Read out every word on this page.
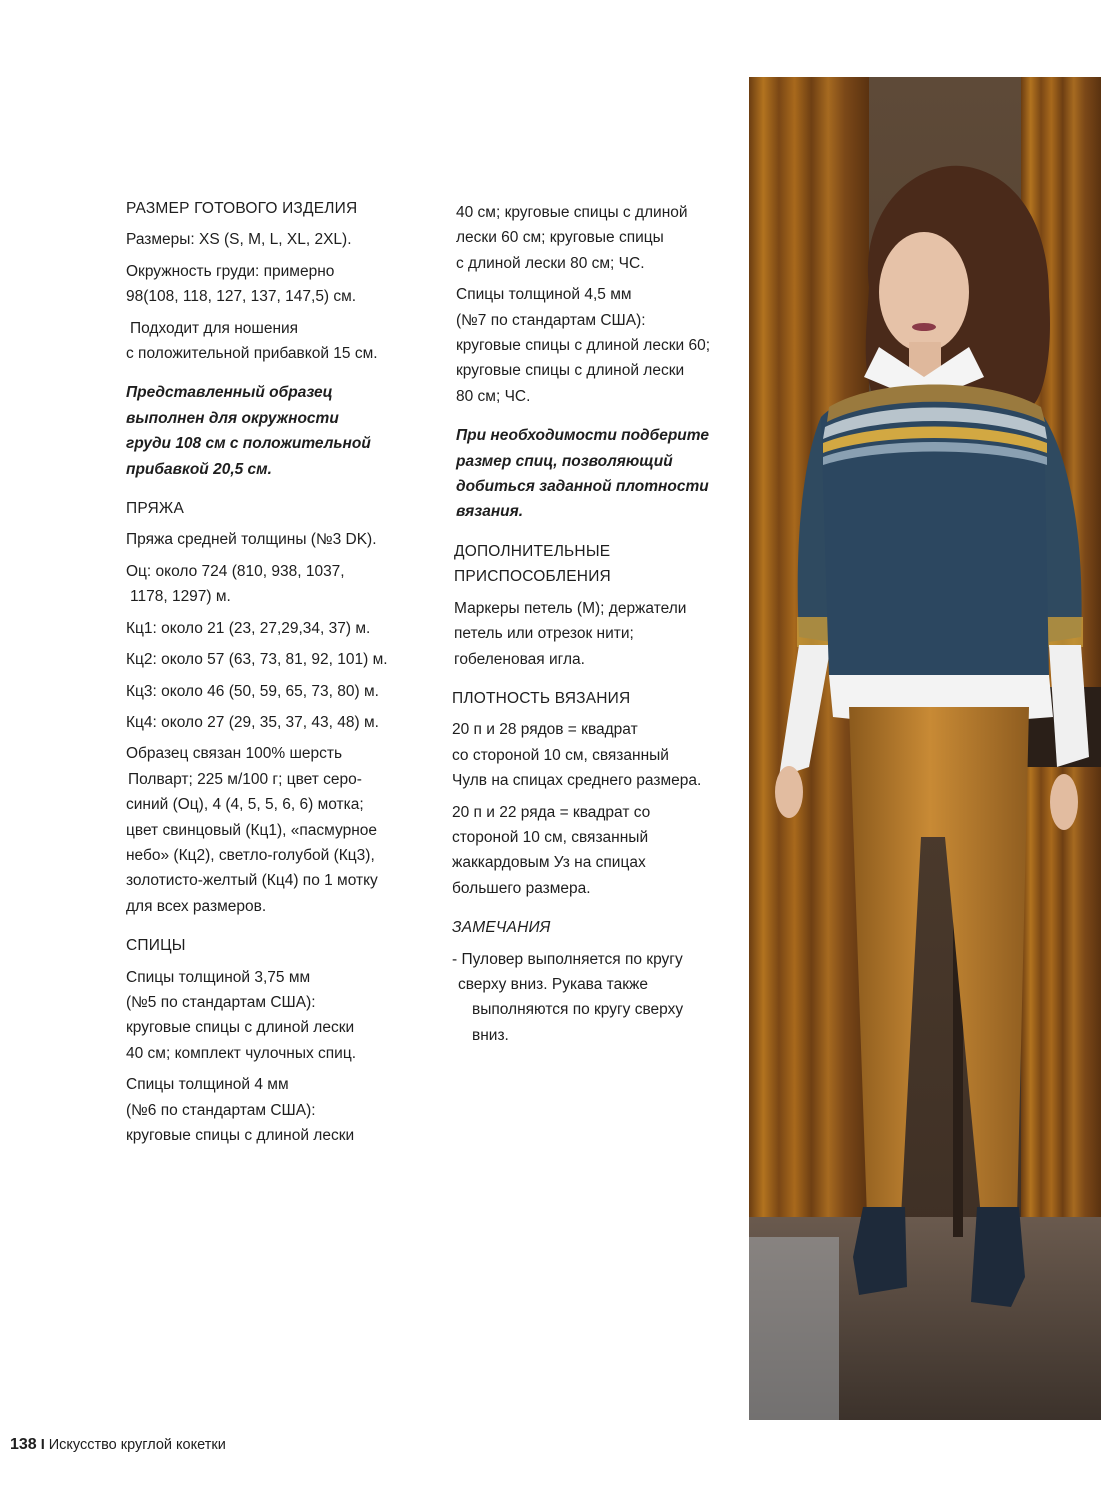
РАЗМЕР ГОТОВОГО ИЗДЕЛИЯ

Размеры: XS (S, M, L, XL, 2XL).

Окружность груди: примерно
98(108, 118, 127, 137, 147,5) см.

Подходит для ношения
с положительной прибавкой 15 см.

Представленный образец
выполнен для окружности
груди 108 см с положительной
прибавкой 20,5 см.

ПРЯЖА

Пряжа средней толщины (№3 DK).

Оц: около 724 (810, 938, 1037,
1178, 1297) м.

Кц1: около 21 (23, 27,29,34, 37) м.

Кц2: около 57 (63, 73, 81, 92, 101) м.

Кц3: около 46 (50, 59, 65, 73, 80) м.

Кц4: около 27 (29, 35, 37, 43, 48) м.

Образец связан 100% шерсть
Полварт; 225 м/100 г; цвет серо-
синий (Оц), 4 (4, 5, 5, 6, 6) мотка;
цвет свинцовый (Кц1), «пасмурное
небо» (Кц2), светло-голубой (Кц3),
золотисто-желтый (Кц4) по 1 мотку
для всех размеров.

СПИЦЫ

Спицы толщиной 3,75 мм
(№5 по стандартам США):
круговые спицы с длиной лески
40 см; комплект чулочных спиц.

Спицы толщиной 4 мм
(№6 по стандартам США):
круговые спицы с длиной лески

40 см; круговые спицы с длиной
лески 60 см; круговые спицы
с длиной лески 80 см; ЧС.

Спицы толщиной 4,5 мм
(№7 по стандартам США):
круговые спицы с длиной лески 60;
круговые спицы с длиной лески
80 см; ЧС.

При необходимости подберите
размер спиц, позволяющий
добиться заданной плотности
вязания.

ДОПОЛНИТЕЛЬНЫЕ
ПРИСПОСОБЛЕНИЯ

Маркеры петель (М); держатели
петель или отрезок нити;
гобеленовая игла.

ПЛОТНОСТЬ ВЯЗАНИЯ

20 п и 28 рядов = квадрат
со стороной 10 см, связанный
Чулв на спицах среднего размера.

20 п и 22 ряда = квадрат со
стороной 10 см, связанный
жаккардовым Уз на спицах
большего размера.

ЗАМЕЧАНИЯ

- Пуловер выполняется по кругу
сверху вниз. Рукава также
выполняются по кругу сверху
вниз.

138 I Искусство круглой кокетки
